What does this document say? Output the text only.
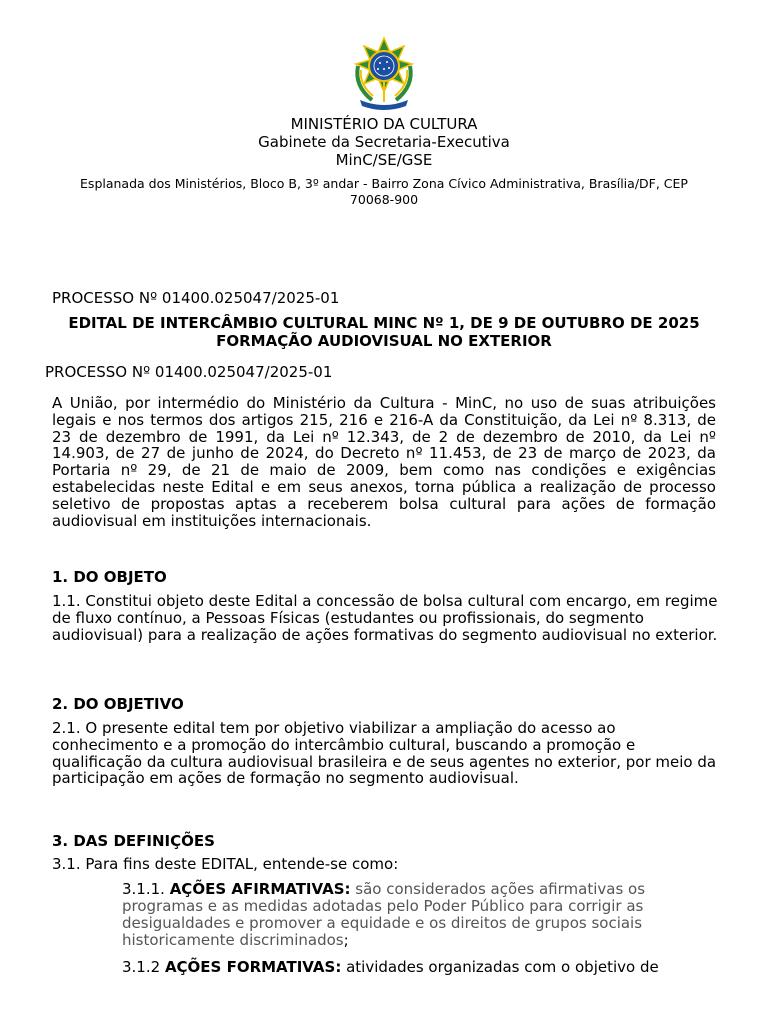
MINISTÉRIO DA CULTURA
Gabinete da Secretaria-Executiva
MinC/SE/GSE
Esplanada dos Ministérios, Bloco B, 3º andar - Bairro Zona Cívico Administrativa, Brasília/DF, CEP 70068-900
PROCESSO Nº 01400.025047/2025-01
EDITAL DE INTERCÂMBIO CULTURAL MINC Nº 1, DE 9 DE OUTUBRO DE 2025
FORMAÇÃO AUDIOVISUAL NO EXTERIOR
PROCESSO Nº 01400.025047/2025-01
A União, por intermédio do Ministério da Cultura - MinC, no uso de suas atribuições legais e nos termos dos artigos 215, 216 e 216-A da Constituição, da Lei nº 8.313, de 23 de dezembro de 1991, da Lei nº 12.343, de 2 de dezembro de 2010, da Lei nº 14.903, de 27 de junho de 2024, do Decreto nº 11.453, de 23 de março de 2023, da Portaria nº 29, de 21 de maio de 2009, bem como nas condições e exigências estabelecidas neste Edital e em seus anexos, torna pública a realização de processo seletivo de propostas aptas a receberem bolsa cultural para ações de formação audiovisual em instituições internacionais.
1. DO OBJETO
1.1. Constitui objeto deste Edital a concessão de bolsa cultural com encargo, em regime de fluxo contínuo, a Pessoas Físicas (estudantes ou profissionais, do segmento audiovisual) para a realização de ações formativas do segmento audiovisual no exterior.
2. DO OBJETIVO
2.1. O presente edital tem por objetivo viabilizar a ampliação do acesso ao conhecimento e a promoção do intercâmbio cultural, buscando a promoção e qualificação da cultura audiovisual brasileira e de seus agentes no exterior, por meio da participação em ações de formação no segmento audiovisual.
3. DAS DEFINIÇÕES
3.1. Para fins deste EDITAL, entende-se como:
3.1.1. AÇÕES AFIRMATIVAS: são considerados ações afirmativas os programas e as medidas adotadas pelo Poder Público para corrigir as desigualdades e promover a equidade e os direitos de grupos sociais historicamente discriminados;
3.1.2 AÇÕES FORMATIVAS: atividades organizadas com o objetivo de
